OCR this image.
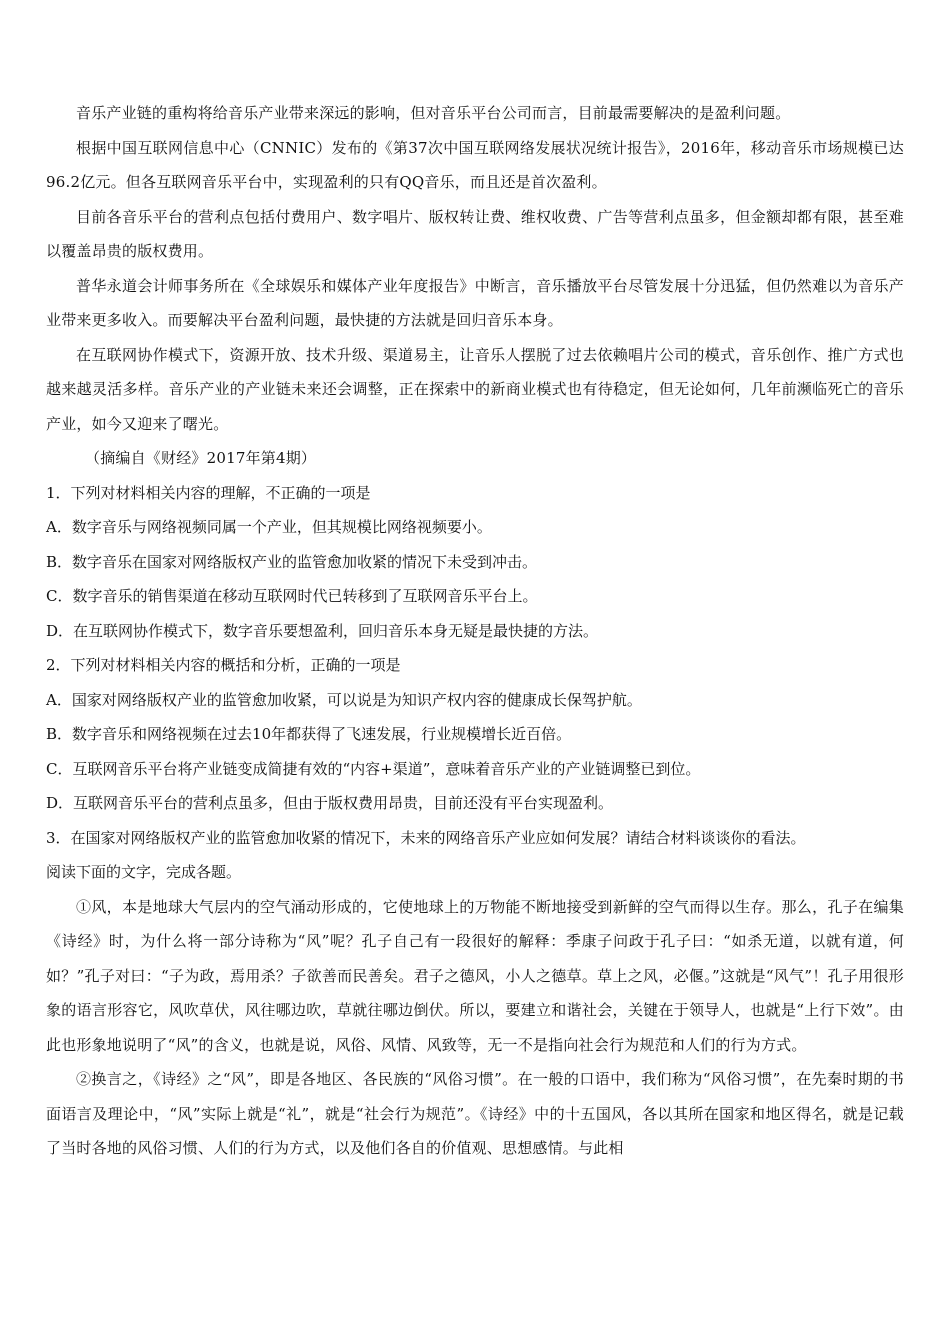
音乐产业链的重构将给音乐产业带来深远的影响，但对音乐平台公司而言，目前最需要解决的是盈利问题。

根据中国互联网信息中心（CNNIC）发布的《第37次中国互联网络发展状况统计报告》，2016年，移动音乐市场规模已达96.2亿元。但各互联网音乐平台中，实现盈利的只有QQ音乐，而且还是首次盈利。

目前各音乐平台的营利点包括付费用户、数字唱片、版权转让费、维权收费、广告等营利点虽多，但金额却都有限，甚至难以覆盖昂贵的版权费用。

普华永道会计师事务所在《全球娱乐和媒体产业年度报告》中断言，音乐播放平台尽管发展十分迅猛，但仍然难以为音乐产业带来更多收入。而要解决平台盈利问题，最快捷的方法就是回归音乐本身。

在互联网协作模式下，资源开放、技术升级、渠道易主，让音乐人摆脱了过去依赖唱片公司的模式，音乐创作、推广方式也越来越灵活多样。音乐产业的产业链未来还会调整，正在探索中的新商业模式也有待稳定，但无论如何，几年前濒临死亡的音乐产业，如今又迎来了曙光。

（摘编自《财经》2017年第4期）

1．下列对材料相关内容的理解，不正确的一项是

A．数字音乐与网络视频同属一个产业，但其规模比网络视频要小。

B．数字音乐在国家对网络版权产业的监管愈加收紧的情况下未受到冲击。

C．数字音乐的销售渠道在移动互联网时代已转移到了互联网音乐平台上。

D．在互联网协作模式下，数字音乐要想盈利，回归音乐本身无疑是最快捷的方法。

2．下列对材料相关内容的概括和分析，正确的一项是

A．国家对网络版权产业的监管愈加收紧，可以说是为知识产权内容的健康成长保驾护航。

B．数字音乐和网络视频在过去10年都获得了飞速发展，行业规模增长近百倍。

C．互联网音乐平台将产业链变成简捷有效的“内容+渠道”，意味着音乐产业的产业链调整已到位。

D．互联网音乐平台的营利点虽多，但由于版权费用昂贵，目前还没有平台实现盈利。

3．在国家对网络版权产业的监管愈加收紧的情况下，未来的网络音乐产业应如何发展？请结合材料谈谈你的看法。

阅读下面的文字，完成各题。

①风，本是地球大气层内的空气涌动形成的，它使地球上的万物能不断地接受到新鲜的空气而得以生存。那么，孔子在编集《诗经》时，为什么将一部分诗称为“风”呢？孔子自己有一段很好的解释：季康子问政于孔子曰：“如杀无道，以就有道，何如？”孔子对曰：“子为政，焉用杀？子欲善而民善矣。君子之德风，小人之德草。草上之风，必偃。”这就是“风气”！孔子用很形象的语言形容它，风吹草伏，风往哪边吹，草就往哪边倒伏。所以，要建立和谐社会，关键在于领导人，也就是“上行下效”。由此也形象地说明了“风”的含义，也就是说，风俗、风情、风致等，无一不是指向社会行为规范和人们的行为方式。

②换言之，《诗经》之“风”，即是各地区、各民族的“风俗习惯”。在一般的口语中，我们称为“风俗习惯”，在先秦时期的书面语言及理论中，“风”实际上就是“礼”，就是“社会行为规范”。《诗经》中的十五国风，各以其所在国家和地区得名，就是记载了当时各地的风俗习惯、人们的行为方式，以及他们各自的价值观、思想感情。与此相
